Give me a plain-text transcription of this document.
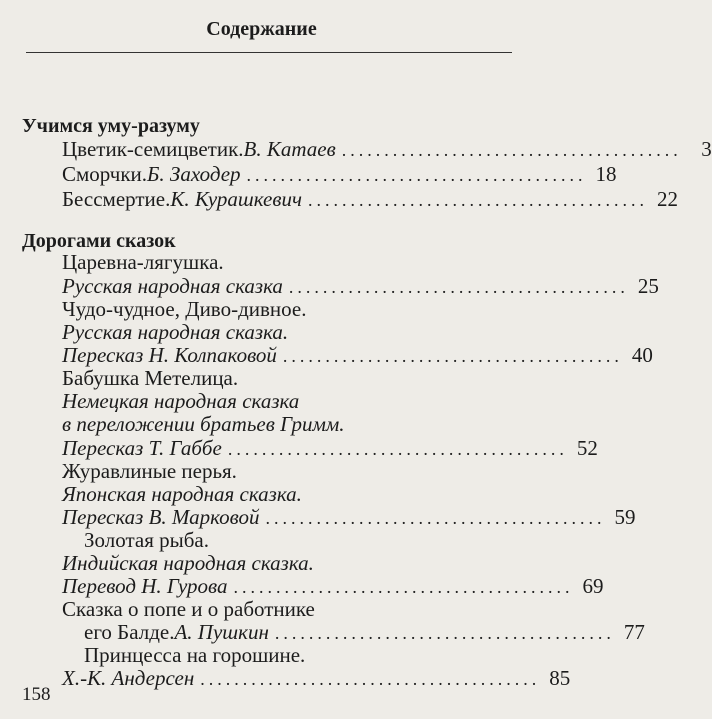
Содержание
Учимся уму-разуму
Цветик-семицветик. В. Катаев ........................................ 3
Сморчки. Б. Заходер ........................................ 18
Бессмертие. К. Курашкевич ........................................ 22
Дорогами сказок
Царевна-лягушка.
Русская народная сказка ........................................ 25
Чудо-чудное, Диво-дивное.
Русская народная сказка.
Пересказ Н. Колпаковой ........................................ 40
Бабушка Метелица.
Немецкая народная сказка
в переложении братьев Гримм.
Пересказ Т. Габбе ........................................ 52
Журавлиные перья.
Японская народная сказка.
Пересказ В. Марковой ........................................ 59
Золотая рыба.
Индийская народная сказка.
Перевод Н. Гурова ........................................ 69
Сказка о попе и о работнике
его Балде. А. Пушкин ........................................ 77
Принцесса на горошине.
Х.-К. Андерсен ........................................ 85
158
